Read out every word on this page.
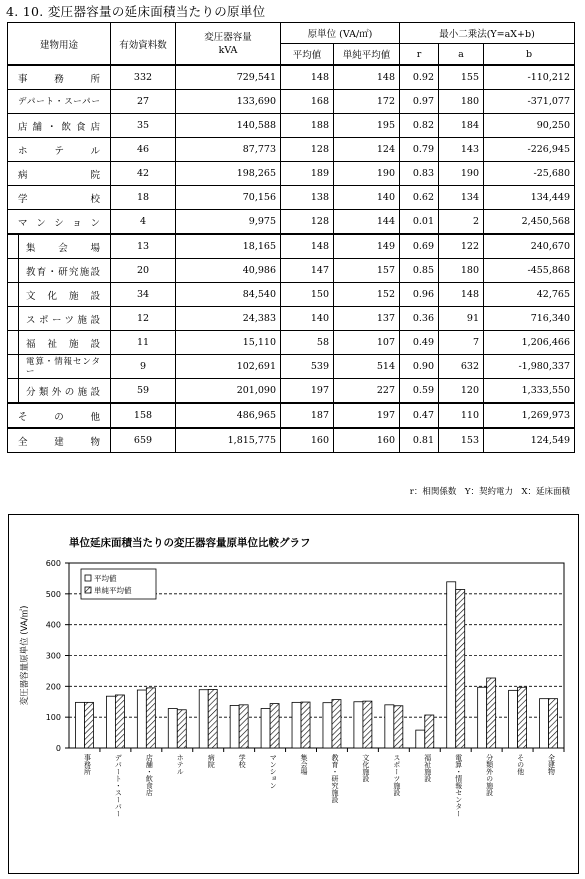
4. 10. 変圧器容量の延床面積当たりの原単位
建物用途	有効資料数	変圧器容量
kVA	原単位 (VA/㎡)		最小二乗法(Y=aX+b)		
			平均値	単純平均値	r	a	b
事務所	332	729,541	148	148	0.92	155	-110,212
デパート・スーパー	27	133,690	168	172	0.97	180	-371,077
店舗・飲食店	35	140,588	188	195	0.82	184	90,250
ホテル	46	87,773	128	124	0.79	143	-226,945
病院	42	198,265	189	190	0.83	190	-25,680
学校	18	70,156	138	140	0.62	134	134,449
マンション	4	9,975	128	144	0.01	2	2,450,568
集会場	13	18,165	148	149	0.69	122	240,670
教育・研究施設	20	40,986	147	157	0.85	180	-455,868
文化施設	34	84,540	150	152	0.96	148	42,765
スポーツ施設	12	24,383	140	137	0.36	91	716,340
福祉施設	11	15,110	58	107	0.49	7	1,206,466
電算・情報センター	9	102,691	539	514	0.90	632	-1,980,337
分類外の施設	59	201,090	197	227	0.59	120	1,333,550
その他	158	486,965	187	197	0.47	110	1,269,973
全建物	659	1,815,775	160	160	0.81	153	124,549
r：相関係数　Y：契約電力　X：延床面積
単位延床面積当たりの変圧器容量原単位比較グラフ
0
100
200
300
400
500
600
変圧器容量原単位 (VA/㎡)
事務所	デパート・スーパー	店舗・飲食店	ホテル	病院	学校	マンション	集会場	教育・研究施設	文化施設	スポーツ施設	福祉施設	電算・情報センター	分類外の施設	その他	全建物
平均値
単純平均値
